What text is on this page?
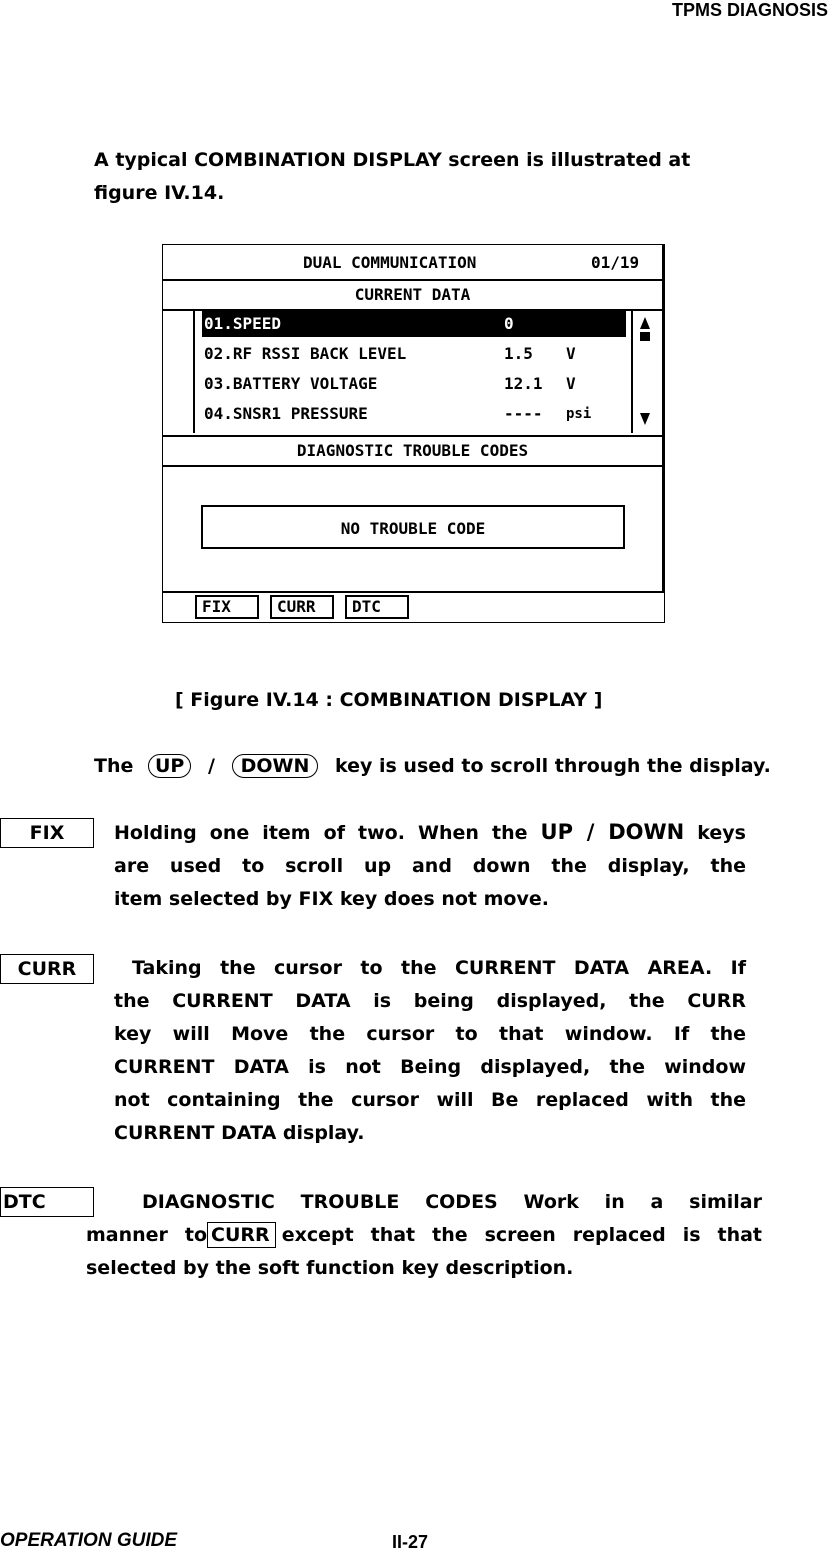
TPMS DIAGNOSIS
A typical COMBINATION DISPLAY screen is illustrated at
figure IV.14.
DUAL COMMUNICATION	01/19
CURRENT DATA
01.SPEED	0
02.RF RSSI BACK LEVEL	1.5 V
03.BATTERY VOLTAGE	12.1 V
04.SNSR1 PRESSURE	---- psi
DIAGNOSTIC TROUBLE CODES
NO TROUBLE CODE
FIX	CURR	DTC
[ Figure IV.14 : COMBINATION DISPLAY ]
The UP / DOWN key is used to scroll through the display.
FIX	Holding one item of two. When the UP / DOWN keys
are used to scroll up and down the display, the
item selected by FIX key does not move.
CURR	Taking the cursor to the CURRENT DATA AREA. If
the CURRENT DATA is being displayed, the CURR
key will Move the cursor to that window. If the
CURRENT DATA is not Being displayed, the window
not containing the cursor will Be replaced with the
CURRENT DATA display.
DTC	DIAGNOSTIC TROUBLE CODES Work in a similar
manner to CURR except that the screen replaced is that
selected by the soft function key description.
OPERATION GUIDE	II-27
